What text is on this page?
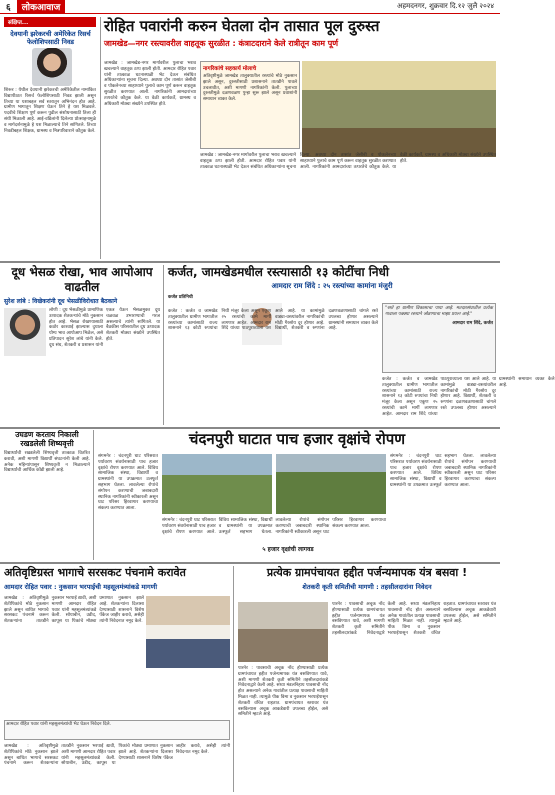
६	लोकआवाज	अहमदनगर, शुक्रवार दि.१२ जुलै २०२४
संक्षिप्त...
देवयानी झरेकरची अमेरिकेत रिसर्च फेलोशिपसाठी निवड
शिरूर : येथील देवयानी झरेकरची अमेरिकेतील नामांकित विद्यापीठात रिसर्च फेलोशिपसाठी निवड झाली असून तिच्या या यशाबद्दल सर्व स्तरातून अभिनंदन होत आहे. ग्रामीण भागातून शिक्षण घेऊन तिने हे यश मिळवले. पदवीचे शिक्षण पूर्ण करून पुढील संशोधनासाठी तिला ही संधी मिळाली आहे. आई-वडिलांनी दिलेल्या प्रोत्साहनामुळे व मार्गदर्शनामुळे हे यश मिळाल्याचे तिने सांगितले. तिच्या निवडीबद्दल शिक्षक, ग्रामस्थ व मित्रपरिवाराने कौतुक केले.
रोहित पवारांनी करुन घेतला दोन तासात पूल दुरुस्त
जामखेड—नगर रस्त्यावरील वाहतूक सुरळीत : कंत्राटदाराने केले रात्रीतून काम पूर्ण
जामखेड : जामखेड-नगर मार्गावरील पुलाचा भराव खचल्याने वाहतूक ठप्प झाली होती. आमदार रोहित पवार यांनी तात्काळ घटनास्थळी भेट देऊन संबंधित अधिकाऱ्यांना सूचना दिल्या. अवघ्या दोन तासांत जेसीबी व पोकलेनच्या साहाय्याने पुलाचे काम पूर्ण करून वाहतूक सुरळीत करण्यात आली. नागरिकांनी आमदारांच्या तत्परतेचे कौतुक केले. या वेळी कार्यकर्ते, ग्रामस्थ व अधिकारी मोठ्या संख्येने उपस्थित होते.
नागरिकांचे सहकार्य मोलाचे
अतिवृष्टीमुळे जामखेड तालुक्यातील रस्त्यांचे मोठे नुकसान झाले असून, दुरुस्तीसाठी प्रशासनाने तातडीने पावले उचलावीत, अशी मागणी नागरिकांनी केली. पुलाच्या दुरुस्तीमुळे दळणवळण पुन्हा सुरू झाले असून प्रवाशांनी समाधान व्यक्त केले.
जामखेड : जामखेड-नगर मार्गावरील पुलाचा भराव खचल्याने वाहतूक ठप्प झाली होती. आमदार रोहित पवार यांनी तात्काळ घटनास्थळी भेट देऊन संबंधित अधिकाऱ्यांना सूचना दिल्या. अवघ्या दोन तासांत जेसीबी व पोकलेनच्या साहाय्याने पुलाचे काम पूर्ण करून वाहतूक सुरळीत करण्यात आली. नागरिकांनी आमदारांच्या तत्परतेचे कौतुक केले. या वेळी कार्यकर्ते, ग्रामस्थ व अधिकारी मोठ्या संख्येने उपस्थित होते.
दूध भेसळ रोखा, भाव आपोआप वाढतील
सुरेश लांबे : विखेकरांनी दूध भेसळीविरोधात बैठकाने
लोणी : दूध भेसळीमुळे प्रामाणिक उत्पादक शेतकऱ्यांचे मोठे नुकसान होत आहे. भेसळ रोखण्यासाठी कठोर कारवाई झाल्यास दुधाला योग्य भाव आपोआप मिळेल, असे प्रतिपादन सुरेश लांबे यांनी केले. दूध संघ, शेतकरी व प्रशासन यांनी एकत्र येऊन भेसळमुक्त दूध चळवळ उभारण्याची गरज असल्याचे त्यांनी सांगितले. या बैठकीस परिसरातील दूध उत्पादक शेतकरी मोठ्या संख्येने उपस्थित होते.
कर्जत, जामखेडमधील रस्त्यासाठी १३ कोटींचा निधी
आमदार राम शिंदे : २५ रस्त्यांच्या कामांना मंजुरी
कर्जत प्रतिनिधी
कर्जत : कर्जत व जामखेड तालुक्यातील ग्रामीण भागातील रस्त्यांच्या कामांसाठी राज्य शासनाने १३ कोटी रुपयांचा निधी मंजूर केला असून एकूण २५ रस्त्यांची कामे मार्गी लागणार आहेत. आमदार राम शिंदे यांच्या पाठपुराव्याला यश आले आहे. या कामांमुळे वाड्या-वस्त्यांवरील नागरिकांची मोठी गैरसोय दूर होणार आहे. विद्यार्थी, शेतकरी व रुग्णांना दळणवळणासाठी चांगले रस्ते उपलब्ध होणार असल्याने ग्रामस्थांनी समाधान व्यक्त केले आहे.
"रस्ते हा ग्रामीण विकासाचा पाया आहे. मतदारसंघातील प्रत्येक गावाला पक्क्या रस्त्याने जोडण्याचा माझा प्रयत्न आहे."
आमदार राम शिंदे, कर्जत
कर्जत : कर्जत व जामखेड तालुक्यातील ग्रामीण भागातील रस्त्यांच्या कामांसाठी राज्य शासनाने १३ कोटी रुपयांचा निधी मंजूर केला असून एकूण २५ रस्त्यांची कामे मार्गी लागणार आहेत. आमदार राम शिंदे यांच्या पाठपुराव्याला यश आले आहे. या कामांमुळे वाड्या-वस्त्यांवरील नागरिकांची मोठी गैरसोय दूर होणार आहे. विद्यार्थी, शेतकरी व रुग्णांना दळणवळणासाठी चांगले रस्ते उपलब्ध होणार असल्याने ग्रामस्थांनी समाधान व्यक्त केले आहे.
उघडण करताय निकाली रखडलेली शिष्यवृत्ती
विद्यार्थ्यांची रखडलेली शिष्यवृत्ती तात्काळ वितरित करावी, अशी मागणी विद्यार्थी संघटनांनी केली आहे. अनेक महिन्यांपासून शिष्यवृत्ती न मिळाल्याने विद्यार्थ्यांची आर्थिक कोंडी झाली आहे.
चंदनपुरी घाटात पाच हजार वृक्षांचे रोपण
संगमनेर : चंदनपुरी घाट परिसरात पर्यावरण संवर्धनासाठी पाच हजार वृक्षांचे रोपण करण्यात आले. विविध सामाजिक संस्था, विद्यार्थी व ग्रामस्थांनी या उपक्रमात उत्स्फूर्त सहभाग घेतला. लावलेल्या रोपांचे संगोपन करण्याची जबाबदारी स्थानिक नागरिकांनी स्वीकारली असून घाट परिसर हिरवागार करण्याचा संकल्प करण्यात आला.
संगमनेर : चंदनपुरी घाट परिसरात पर्यावरण संवर्धनासाठी पाच हजार वृक्षांचे रोपण करण्यात आले. विविध सामाजिक संस्था, विद्यार्थी व ग्रामस्थांनी या उपक्रमात उत्स्फूर्त सहभाग घेतला. लावलेल्या रोपांचे संगोपन करण्याची जबाबदारी स्थानिक नागरिकांनी स्वीकारली असून घाट परिसर हिरवागार करण्याचा संकल्प करण्यात आला.
संगमनेर : चंदनपुरी घाट परिसरात पर्यावरण संवर्धनासाठी पाच हजार वृक्षांचे रोपण करण्यात आले. विविध सामाजिक संस्था, विद्यार्थी व ग्रामस्थांनी या उपक्रमात उत्स्फूर्त सहभाग घेतला. लावलेल्या रोपांचे संगोपन करण्याची जबाबदारी स्थानिक नागरिकांनी स्वीकारली असून घाट परिसर हिरवागार करण्याचा संकल्प करण्यात आला.
५ हजार वृक्षांची लागवड
अतिवृष्टिग्रस्त भागाचे सरसकट पंचनामे करावेत
आमदार रोहित पवार : नुकसान भरपाईची महसूलमंत्र्यांकडे मागणी
जामखेड : अतिवृष्टीमुळे शेतीपिकांचे मोठे नुकसान झाले असून बाधित भागाचे सरसकट पंचनामे करून शेतकऱ्यांना तातडीने नुकसान भरपाई द्यावी, अशी मागणी आमदार रोहित पवार यांनी महसूलमंत्र्यांकडे केली. सोयाबीन, उडीद, कापूस या पिकांचे मोठ्या प्रमाणात नुकसान झाले आहे. शेतकऱ्यांना दिलासा देण्यासाठी शासनाने विशेष पॅकेज जाहीर करावे, असेही त्यांनी निवेदनात नमूद केले.
आमदार रोहित पवार यांनी महसूलमंत्र्यांची भेट घेऊन निवेदन दिले.
जामखेड : अतिवृष्टीमुळे शेतीपिकांचे मोठे नुकसान झाले असून बाधित भागाचे सरसकट पंचनामे करून शेतकऱ्यांना तातडीने नुकसान भरपाई द्यावी, अशी मागणी आमदार रोहित पवार यांनी महसूलमंत्र्यांकडे केली. सोयाबीन, उडीद, कापूस या पिकांचे मोठ्या प्रमाणात नुकसान झाले आहे. शेतकऱ्यांना दिलासा देण्यासाठी शासनाने विशेष पॅकेज जाहीर करावे, असेही त्यांनी निवेदनात नमूद केले.
प्रत्येक ग्रामपंचायत हद्दीत पर्जन्यमापक यंत्र बसवा !
शेतकरी कृती समितीची मागणी : तहसीलदारांना निवेदन
पारनेर : पावसाची अचूक नोंद होण्यासाठी प्रत्येक ग्रामपंचायत हद्दीत पर्जन्यमापक यंत्र बसविण्यात यावे, अशी मागणी शेतकरी कृती समितीने तहसीलदारांकडे निवेदनाद्वारे केली आहे. सध्या मंडलनिहाय पावसाची नोंद होत असल्याने अनेक गावांतील प्रत्यक्ष पावसाची माहिती मिळत नाही. त्यामुळे पीक विमा व नुकसान भरपाईपासून शेतकरी वंचित राहतात. ग्रामपंचायत स्तरावर यंत्र बसविल्यास अचूक आकडेवारी उपलब्ध होईल, असे समितीने म्हटले आहे.
पारनेर : पावसाची अचूक नोंद होण्यासाठी प्रत्येक ग्रामपंचायत हद्दीत पर्जन्यमापक यंत्र बसविण्यात यावे, अशी मागणी शेतकरी कृती समितीने तहसीलदारांकडे निवेदनाद्वारे केली आहे. सध्या मंडलनिहाय पावसाची नोंद होत असल्याने अनेक गावांतील प्रत्यक्ष पावसाची माहिती मिळत नाही. त्यामुळे पीक विमा व नुकसान भरपाईपासून शेतकरी वंचित राहतात. ग्रामपंचायत स्तरावर यंत्र बसविल्यास अचूक आकडेवारी उपलब्ध होईल, असे समितीने म्हटले आहे.
